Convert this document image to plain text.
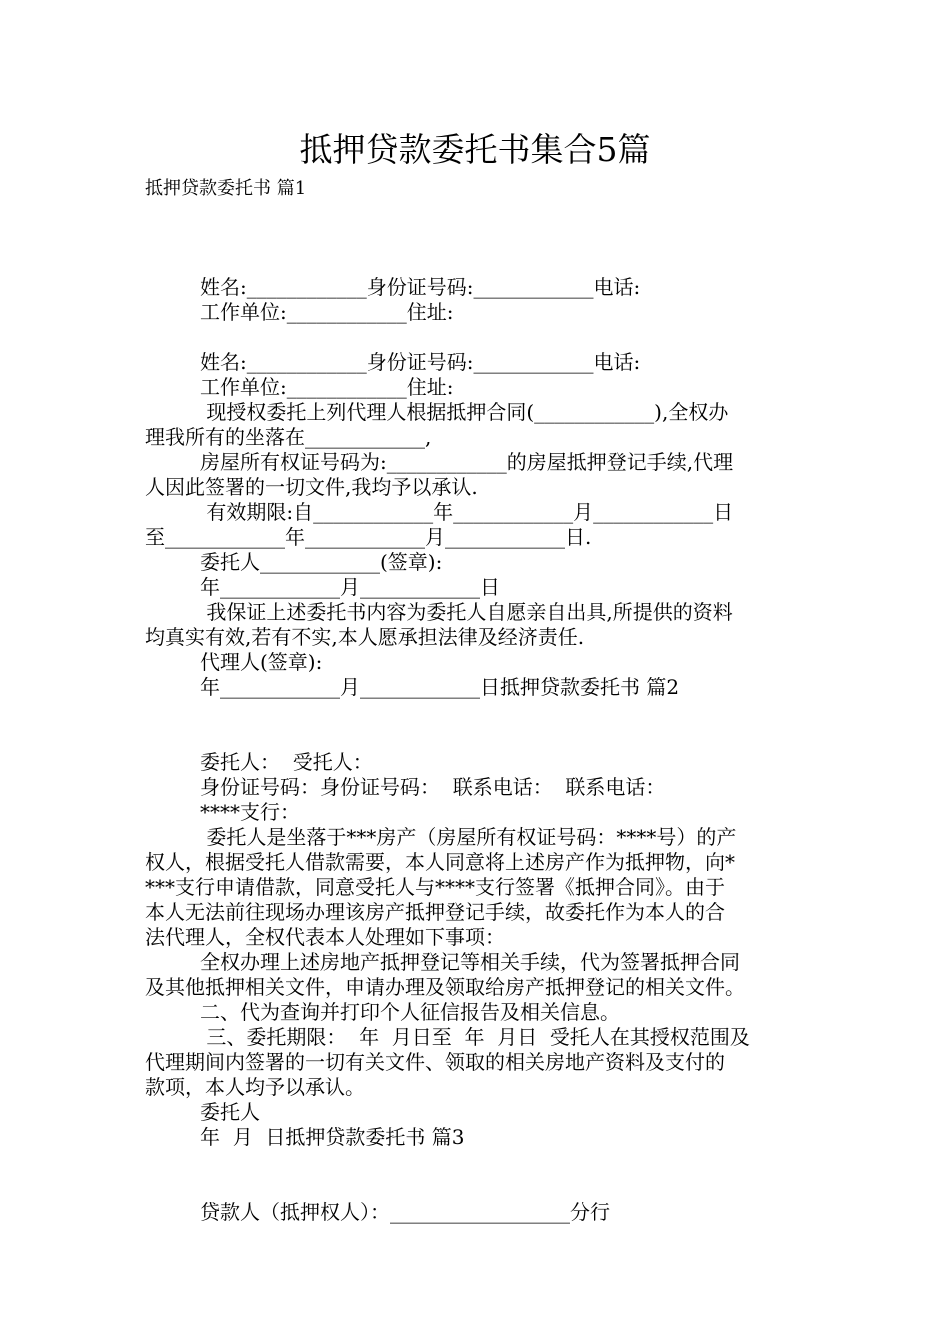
抵押贷款委托书集合5篇

抵押贷款委托书 篇1

姓名:____________身份证号码:____________电话:

工作单位:____________住址:

姓名:____________身份证号码:____________电话:

工作单位:____________住址:

现授权委托上列代理人根据抵押合同(____________),全权办

理我所有的坐落在____________,

房屋所有权证号码为:____________的房屋抵押登记手续,代理

人因此签署的一切文件,我均予以承认.

有效期限:自____________年____________月____________日

至____________年____________月____________日.

委托人____________(签章):

年____________月____________日

我保证上述委托书内容为委托人自愿亲自出具,所提供的资料

均真实有效,若有不实,本人愿承担法律及经济责任.

代理人(签章):

年____________月____________日抵押贷款委托书 篇2

委托人：  受托人：

身份证号码：身份证号码：  联系电话：  联系电话：

****支行：

委托人是坐落于***房产（房屋所有权证号码：****号）的产

权人，根据受托人借款需要，本人同意将上述房产作为抵押物，向*

***支行申请借款，同意受托人与****支行签署《抵押合同》。由于

本人无法前往现场办理该房产抵押登记手续，故委托作为本人的合

法代理人，全权代表本人处理如下事项：

全权办理上述房地产抵押登记等相关手续，代为签署抵押合同

及其他抵押相关文件，申请办理及领取给房产抵押登记的相关文件。

二、代为查询并打印个人征信报告及相关信息。

三、委托期限：  年  月日至  年  月日  受托人在其授权范围及

代理期间内签署的一切有关文件、领取的相关房地产资料及支付的

款项，本人均予以承认。

委托人

年  月  日抵押贷款委托书 篇3

贷款人（抵押权人）：__________________分行
